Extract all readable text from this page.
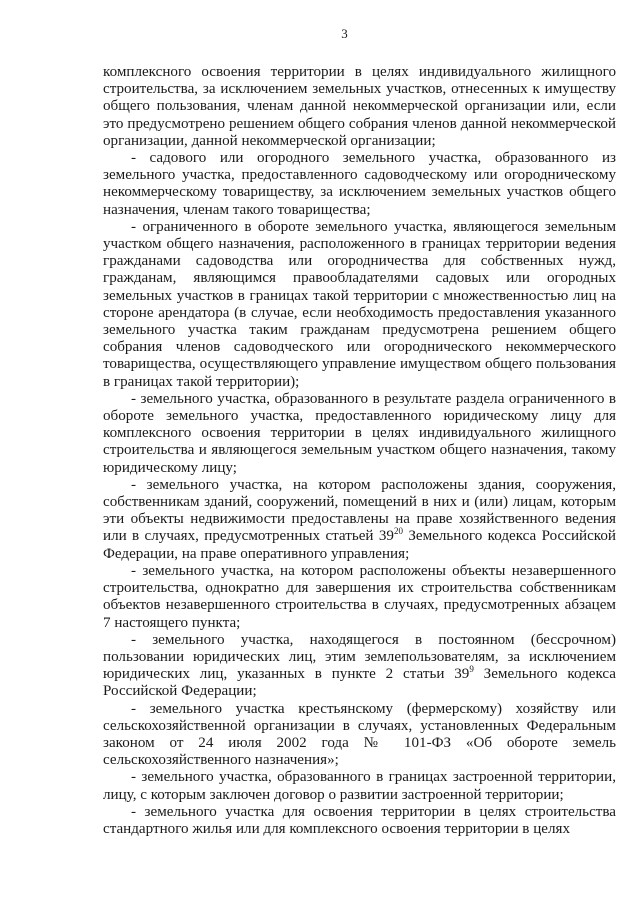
3

комплексного освоения территории в целях индивидуального жилищного строительства, за исключением земельных участков, отнесенных к имуществу общего пользования, членам данной некоммерческой организации или, если это предусмотрено решением общего собрания членов данной некоммерческой организации, данной некоммерческой организации;

- садового или огородного земельного участка, образованного из земельного участка, предоставленного садоводческому или огородническому некоммерческому товариществу, за исключением земельных участков общего назначения, членам такого товарищества;

- ограниченного в обороте земельного участка, являющегося земельным участком общего назначения, расположенного в границах территории ведения гражданами садоводства или огородничества для собственных нужд, гражданам, являющимся правообладателями садовых или огородных земельных участков в границах такой территории с множественностью лиц на стороне арендатора (в случае, если необходимость предоставления указанного земельного участка таким гражданам предусмотрена решением общего собрания членов садоводческого или огороднического некоммерческого товарищества, осуществляющего управление имуществом общего пользования в границах такой территории);

- земельного участка, образованного в результате раздела ограниченного в обороте земельного участка, предоставленного юридическому лицу для комплексного освоения территории в целях индивидуального жилищного строительства и являющегося земельным участком общего назначения, такому юридическому лицу;

- земельного участка, на котором расположены здания, сооружения, собственникам зданий, сооружений, помещений в них и (или) лицам, которым эти объекты недвижимости предоставлены на праве хозяйственного ведения или в случаях, предусмотренных статьей $39^{20}$ Земельного кодекса Российской Федерации, на праве оперативного управления;

- земельного участка, на котором расположены объекты незавершенного строительства, однократно для завершения их строительства собственникам объектов незавершенного строительства в случаях, предусмотренных абзацем 7 настоящего пункта;

- земельного участка, находящегося в постоянном (бессрочном) пользовании юридических лиц, этим землепользователям, за исключением юридических лиц, указанных в пункте 2 статьи $39^9$ Земельного кодекса Российской Федерации;

- земельного участка крестьянскому (фермерскому) хозяйству или сельскохозяйственной организации в случаях, установленных Федеральным законом от 24 июля 2002 года № 101-ФЗ «Об обороте земель сельскохозяйственного назначения»;

- земельного участка, образованного в границах застроенной территории, лицу, с которым заключен договор о развитии застроенной территории;

- земельного участка для освоения территории в целях строительства стандартного жилья или для комплексного освоения территории в целях
